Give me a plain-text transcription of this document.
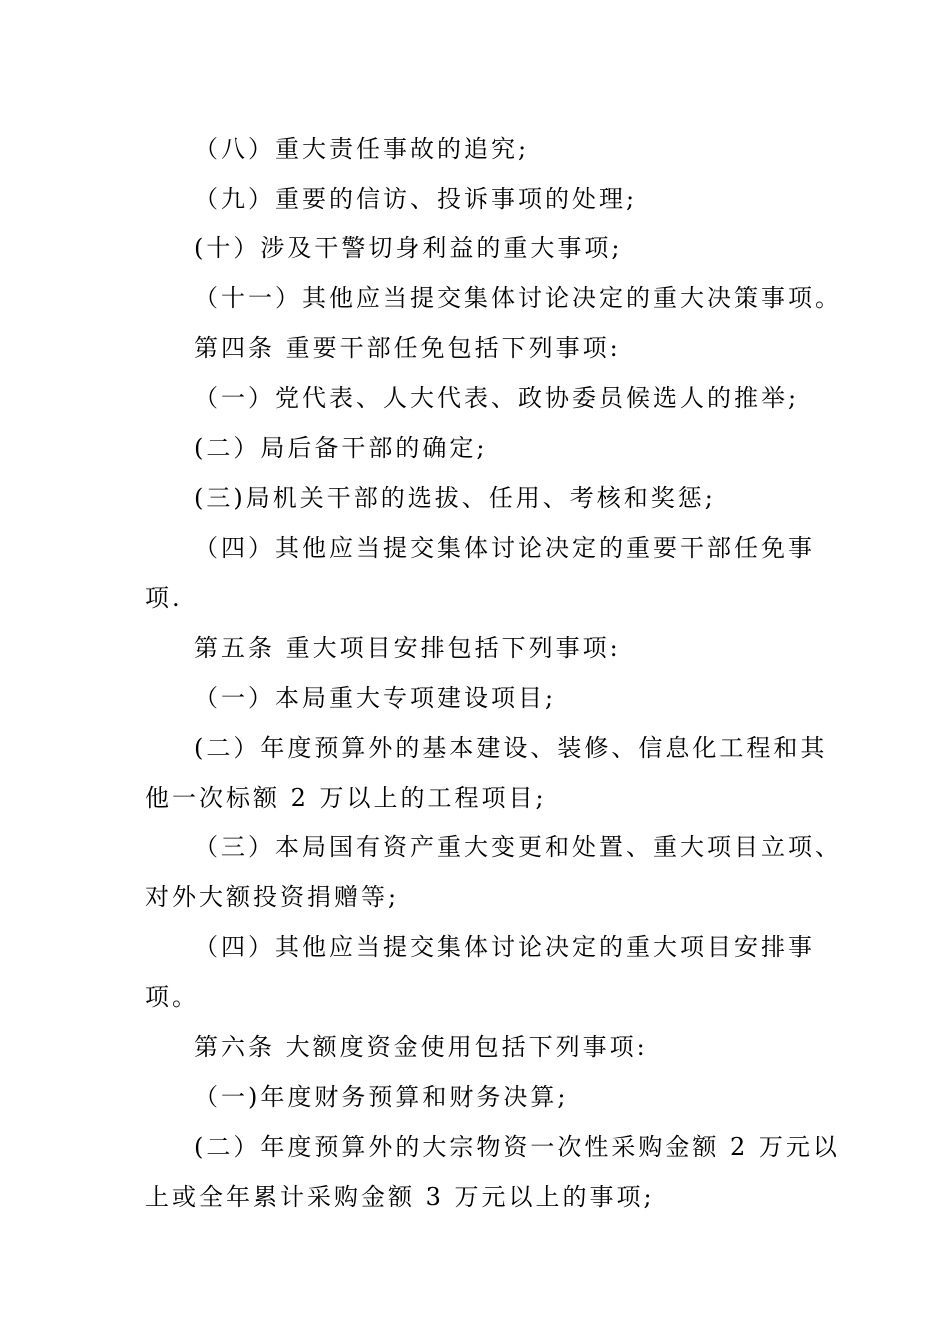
（八）重大责任事故的追究;
（九）重要的信访、投诉事项的处理;
(十）涉及干警切身利益的重大事项;
（十一）其他应当提交集体讨论决定的重大决策事项。
第四条 重要干部任免包括下列事项:
（一）党代表、人大代表、政协委员候选人的推举;
(二）局后备干部的确定;
(三)局机关干部的选拔、任用、考核和奖惩;
（四）其他应当提交集体讨论决定的重要干部任免事
项.
第五条 重大项目安排包括下列事项:
（一）本局重大专项建设项目;
(二）年度预算外的基本建设、装修、信息化工程和其
他一次标额 2 万以上的工程项目;
（三）本局国有资产重大变更和处置、重大项目立项、
对外大额投资捐赠等;
（四）其他应当提交集体讨论决定的重大项目安排事
项。
第六条 大额度资金使用包括下列事项:
（一)年度财务预算和财务决算;
(二）年度预算外的大宗物资一次性采购金额 2 万元以
上或全年累计采购金额 3 万元以上的事项;
